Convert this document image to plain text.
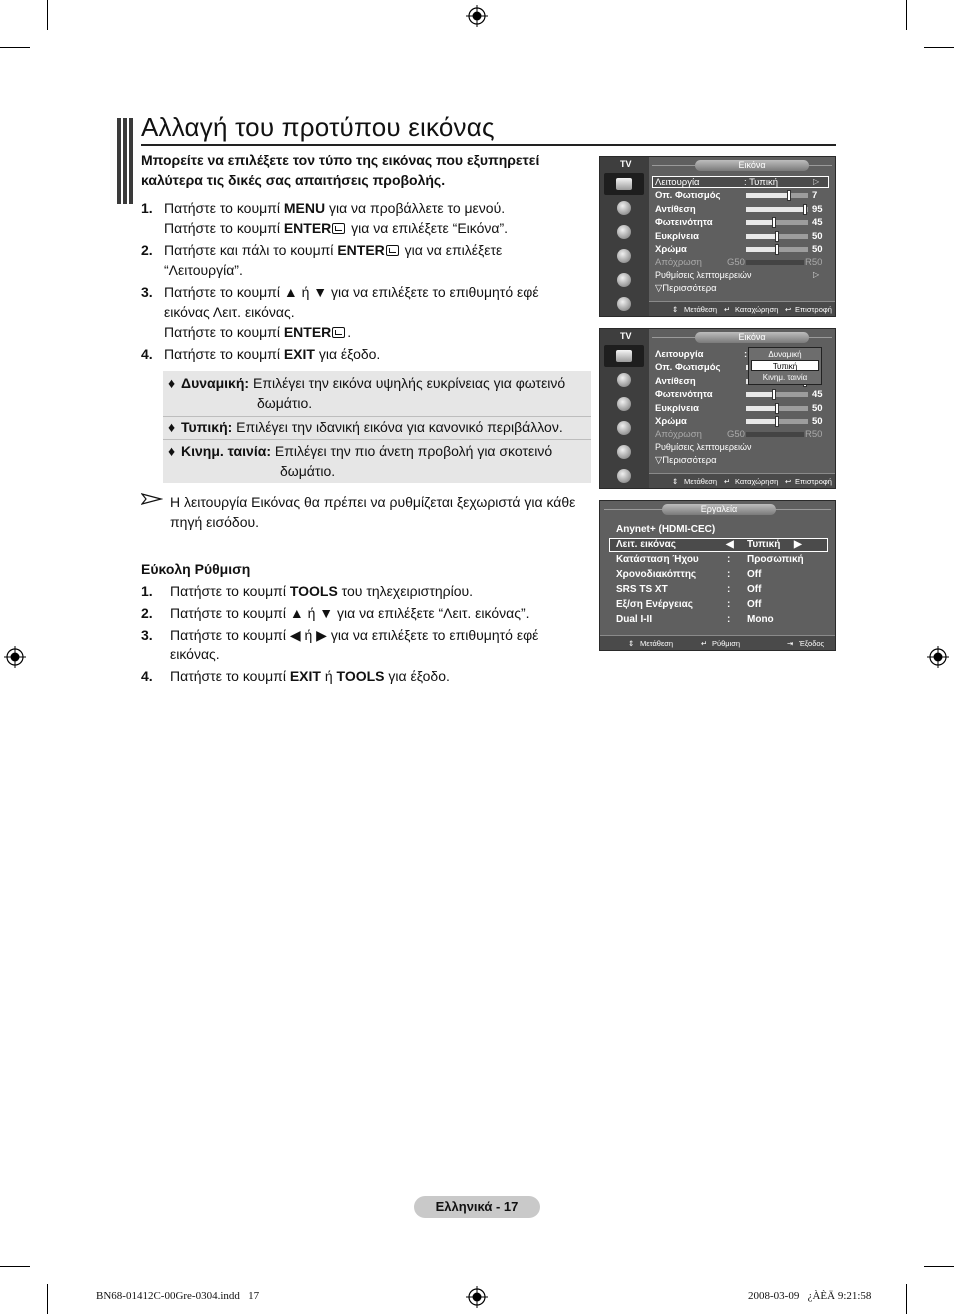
Αλλαγή του προτύπου εικόνας
Μπορείτε να επιλέξετε τον τύπο της εικόνας που εξυπηρετεί καλύτερα τις δικές σας απαιτήσεις προβολής.
1. Πατήστε το κουμπί MENU για να προβάλλετε το μενού.
Πατήστε το κουμπί ENTER για να επιλέξετε “Εικόνα”.
2. Πατήστε και πάλι το κουμπί ENTER για να επιλέξετε
“Λειτουργία”.
3. Πατήστε το κουμπί ▲ ή ▼ για να επιλέξετε το επιθυμητό εφέ
εικόνας Λειτ. εικόνας.
Πατήστε το κουμπί ENTER .
4. Πατήστε το κουμπί EXIT για έξοδο.
♦ Δυναμική: Επιλέγει την εικόνα υψηλής ευκρίνειας για φωτεινό
δωμάτιο.
♦ Τυπική: Επιλέγει την ιδανική εικόνα για κανονικό περιβάλλον.
♦ Κινημ. ταινία: Επιλέγει την πιο άνετη προβολή για σκοτεινό
δωμάτιο.
Η λειτουργία Εικόνας θα πρέπει να ρυθμίζεται ξεχωριστά για κάθε πηγή εισόδου.
Εύκολη Ρύθμιση
1. Πατήστε το κουμπί TOOLS του τηλεχειριστηρίου.
2. Πατήστε το κουμπί ▲ ή ▼ για να επιλέξετε “Λειτ. εικόνας”.
3. Πατήστε το κουμπί ◀ ή ▶ για να επιλέξετε το επιθυμητό εφέ εικόνας.
4. Πατήστε το κουμπί EXIT ή TOOLS για έξοδο.
TV	Εικόνα
Λειτουργία	: Τυπική	▷
Οπ. Φωτισμός	7
Αντίθεση	95
Φωτεινότητα	45
Ευκρίνεια	50
Χρώμα	50
Απόχρωση	G50	R50
Ρυθμίσεις λεπτομερειών	▷
▽Περισσότερα
⇕ Μετάθεση ↵ Καταχώρηση ↩ Επιστροφή
TV	Εικόνα
Λειτουργία	:
Οπ. Φωτισμός
Αντίθεση
Φωτεινότητα	45
Ευκρίνεια	50
Χρώμα	50
Απόχρωση	G50	R50
Ρυθμίσεις λεπτομερειών
▽Περισσότερα
Δυναμική
Τυπική
Κινημ. ταινία
⇕ Μετάθεση ↵ Καταχώρηση ↩ Επιστροφή
Εργαλεία
Anynet+ (HDMI-CEC)
Λειτ. εικόνας	◀ Τυπική ▶
Κατάσταση Ήχου	: Προσωπική
Χρονοδιακόπτης	: Off
SRS TS XT	: Off
Εξ/ση Ενέργειας	: Off
Dual I-II	: Mono
⇕ Μετάθεση	↵ Ρύθμιση	⇥ Έξοδος
Ελληνικά - 17
BN68-01412C-00Gre-0304.indd   17	2008-03-09   ¿ÀÈÄ 9:21:58
